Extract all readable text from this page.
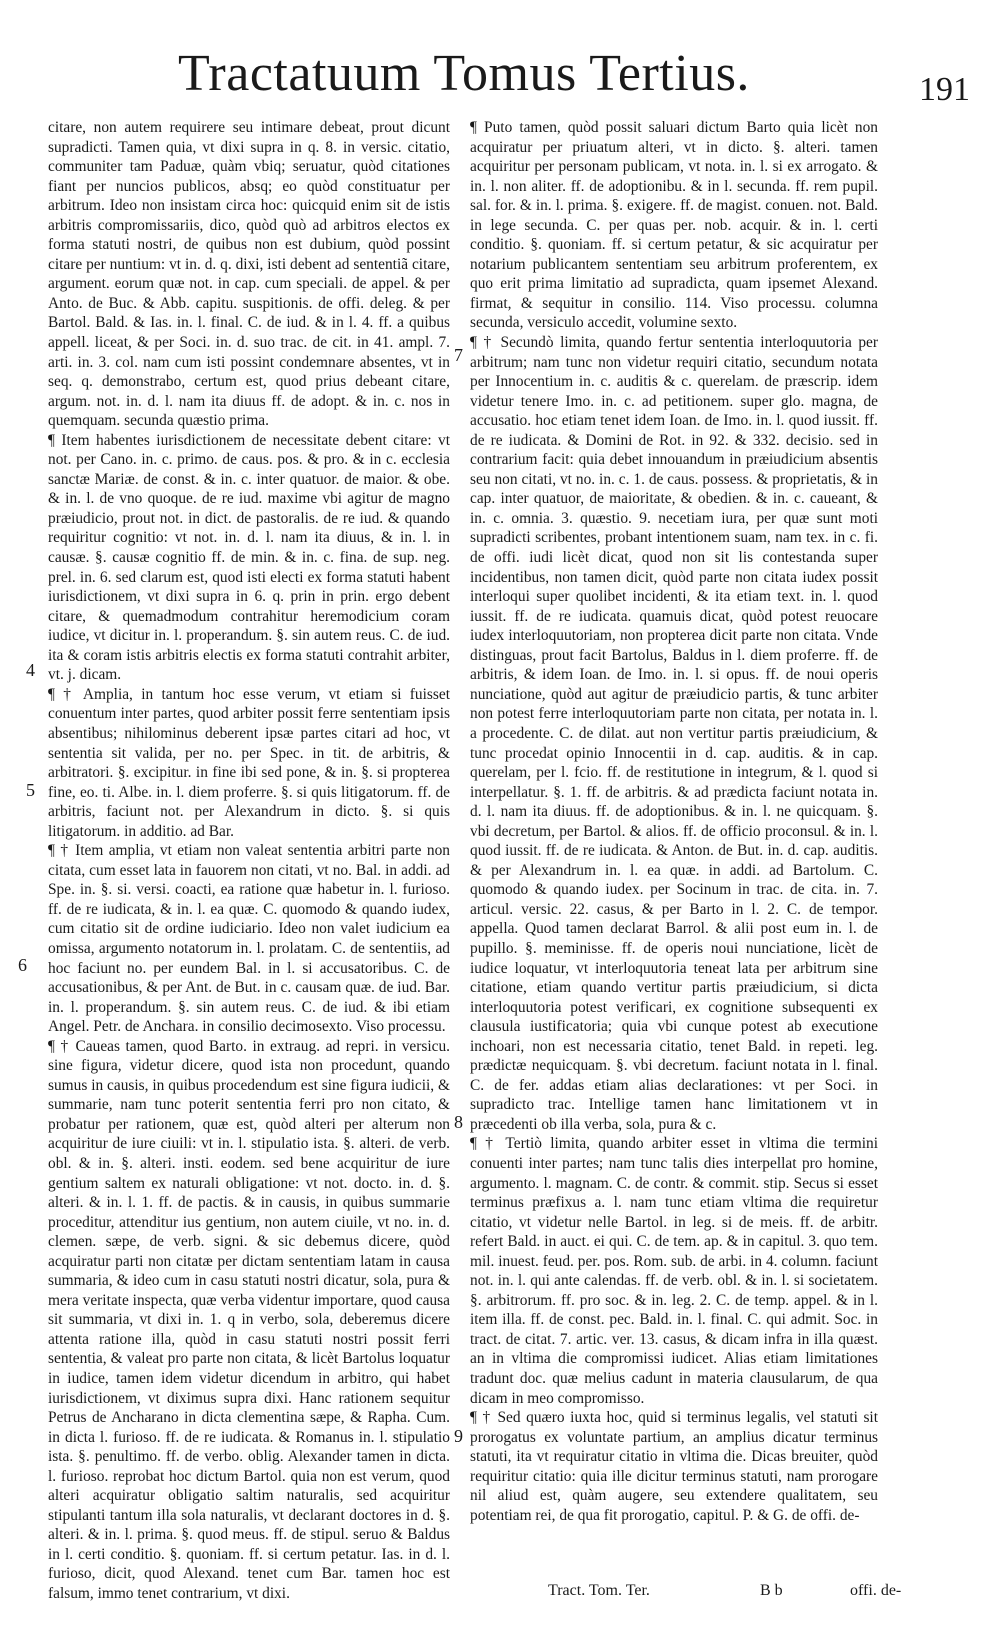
Tractatuum Tomus Tertius.	191

citare, non autem requirere seu intimare debeat, prout dicunt supradicti. Tamen quia, vt dixi supra in q. 8. in versic. citatio, communiter tam Paduæ, quàm vbiq; seruatur, quòd citationes fiant per nuncios publicos, absq; eo quòd constituatur per arbitrum. Ideo non insistam circa hoc: quicquid enim sit de istis arbitris compromissariis, dico, quòd quò ad arbitros electos ex forma statuti nostri, de quibus non est dubium, quòd possint citare per nuntium: vt in. d. q. dixi, isti debent ad sententiã citare, argument. eorum quæ not. in cap. cum speciali. de appel. & per Anto. de Buc. & Abb. capitu. suspitionis. de offi. deleg. & per Bartol. Bald. & Ias. in. l. final. C. de iud. & in l. 4. ff. a quibus appell. liceat, & per Soci. in. d. suo trac. de cit. in 41. ampl. 7. arti. in. 3. col. nam cum isti possint condemnare absentes, vt in seq. q. demonstrabo, certum est, quod prius debeant citare, argum. not. in. d. l. nam ita diuus ff. de adopt. & in. c. nos in quemquam. secunda quæstio prima.

¶ Item habentes iurisdictionem de necessitate debent citare: vt not. per Cano. in. c. primo. de caus. pos. & pro. & in c. ecclesia sanctæ Mariæ. de const. & in. c. inter quatuor. de maior. & obe. & in. l. de vno quoque. de re iud. maxime vbi agitur de magno præiudicio, prout not. in dict. de pastoralis. de re iud. & quando requiritur cognitio: vt not. in. d. l. nam ita diuus, & in. l. in causæ. §. causæ cognitio ff. de min. & in. c. fina. de sup. neg. prel. in. 6. sed clarum est, quod isti electi ex forma statuti habent iurisdictionem, vt dixi supra in 6. q. prin in prin. ergo debent citare, & quemadmodum contrahitur heremodicium coram iudice, vt dicitur in. l. properandum. §. sin autem reus. C. de iud. ita & coram istis arbitris electis ex forma statuti contrahit arbiter, vt. j. dicam.

¶ † Amplia, in tantum hoc esse verum, vt etiam si fuisset conuentum inter partes, quod arbiter possit ferre sententiam ipsis absentibus; nihilominus deberent ipsæ partes citari ad hoc, vt sententia sit valida, per no. per Spec. in tit. de arbitris, & arbitratori. §. excipitur. in fine ibi sed pone, & in. §. si propterea fine, eo. ti. Albe. in. l. diem proferre. §. si quis litigatorum. ff. de arbitris, faciunt not. per Alexandrum in dicto. §. si quis litigatorum. in additio. ad Bar.

¶ † Item amplia, vt etiam non valeat sententia arbitri parte non citata, cum esset lata in fauorem non citati, vt no. Bal. in addi. ad Spe. in. §. si. versi. coacti, ea ratione quæ habetur in. l. furioso. ff. de re iudicata, & in. l. ea quæ. C. quomodo & quando iudex, cum citatio sit de ordine iudiciario. Ideo non valet iudicium ea omissa, argumento notatorum in. l. prolatam. C. de sententiis, ad hoc faciunt no. per eundem Bal. in l. si accusatoribus. C. de accusationibus, & per Ant. de But. in c. causam quæ. de iud. Bar. in. l. properandum. §. sin autem reus. C. de iud. & ibi etiam Angel. Petr. de Anchara. in consilio decimosexto. Viso processu.

¶ † Caueas tamen, quod Barto. in extraug. ad repri. in versicu. sine figura, videtur dicere, quod ista non procedunt, quando sumus in causis, in quibus procedendum est sine figura iudicii, & summarie, nam tunc poterit sententia ferri pro non citato, & probatur per rationem, quæ est, quòd alteri per alterum non acquiritur de iure ciuili: vt in. l. stipulatio ista. §. alteri. de verb. obl. & in. §. alteri. insti. eodem. sed bene acquiritur de iure gentium saltem ex naturali obligatione: vt not. docto. in. d. §. alteri. & in. l. 1. ff. de pactis. & in causis, in quibus summarie proceditur, attenditur ius gentium, non autem ciuile, vt no. in. d. clemen. sæpe, de verb. signi. & sic debemus dicere, quòd acquiratur parti non citatæ per dictam sententiam latam in causa summaria, & ideo cum in casu statuti nostri dicatur, sola, pura & mera veritate inspecta, quæ verba videntur importare, quod causa sit summaria, vt dixi in. 1. q in verbo, sola, deberemus dicere attenta ratione illa, quòd in casu statuti nostri possit ferri sententia, & valeat pro parte non citata, & licèt Bartolus loquatur in iudice, tamen idem videtur dicendum in arbitro, qui habet iurisdictionem, vt diximus supra dixi. Hanc rationem sequitur Petrus de Ancharano in dicta clementina sæpe, & Rapha. Cum. in dicta l. furioso. ff. de re iudicata. & Romanus in. l. stipulatio ista. §. penultimo. ff. de verbo. oblig. Alexander tamen in dicta. l. furioso. reprobat hoc dictum Bartol. quia non est verum, quod alteri acquiratur obligatio saltim naturalis, sed acquiritur stipulanti tantum illa sola naturalis, vt declarant doctores in d. §. alteri. & in. l. prima. §. quod meus. ff. de stipul. seruo & Baldus in l. certi conditio. §. quoniam. ff. si certum petatur. Ias. in d. l. furioso, dicit, quod Alexand. tenet cum Bar. tamen hoc est falsum, immo tenet contrarium, vt dixi.

¶ Puto tamen, quòd possit saluari dictum Barto quia licèt non acquiratur per priuatum alteri, vt in dicto. §. alteri. tamen acquiritur per personam publicam, vt nota. in. l. si ex arrogato. & in. l. non aliter. ff. de adoptionibu. & in l. secunda. ff. rem pupil. sal. for. & in. l. prima. §. exigere. ff. de magist. conuen. not. Bald. in lege secunda. C. per quas per. nob. acquir. & in. l. certi conditio. §. quoniam. ff. si certum petatur, & sic acquiratur per notarium publicantem sententiam seu arbitrum proferentem, ex quo erit prima limitatio ad supradicta, quam ipsemet Alexand. firmat, & sequitur in consilio. 114. Viso processu. columna secunda, versiculo accedit, volumine sexto.

¶ † Secundò limita, quando fertur sententia interloquutoria per arbitrum; nam tunc non videtur requiri citatio, secundum notata per Innocentium in. c. auditis & c. querelam. de præscrip. idem videtur tenere Imo. in. c. ad petitionem. super glo. magna, de accusatio. hoc etiam tenet idem Ioan. de Imo. in. l. quod iussit. ff. de re iudicata. & Domini de Rot. in 92. & 332. decisio. sed in contrarium facit: quia debet innouandum in præiudicium absentis seu non citati, vt no. in. c. 1. de caus. possess. & proprietatis, & in cap. inter quatuor, de maioritate, & obedien. & in. c. caueant, & in. c. omnia. 3. quæstio. 9. necetiam iura, per quæ sunt moti supradicti scribentes, probant intentionem suam, nam tex. in c. fi. de offi. iudi licèt dicat, quod non sit lis contestanda super incidentibus, non tamen dicit, quòd parte non citata iudex possit interloqui super quolibet incidenti, & ita etiam text. in. l. quod iussit. ff. de re iudicata. quamuis dicat, quòd potest reuocare iudex interloquutoriam, non propterea dicit parte non citata. Vnde distinguas, prout facit Bartolus, Baldus in l. diem proferre. ff. de arbitris, & idem Ioan. de Imo. in. l. si opus. ff. de noui operis nunciatione, quòd aut agitur de præiudicio partis, & tunc arbiter non potest ferre interloquutoriam parte non citata, per notata in. l. a procedente. C. de dilat. aut non vertitur partis præiudicium, & tunc procedat opinio Innocentii in d. cap. auditis. & in cap. querelam, per l. fcio. ff. de restitutione in integrum, & l. quod si interpellatur. §. 1. ff. de arbitris. & ad prædicta faciunt notata in. d. l. nam ita diuus. ff. de adoptionibus. & in. l. ne quicquam. §. vbi decretum, per Bartol. & alios. ff. de officio proconsul. & in. l. quod iussit. ff. de re iudicata. & Anton. de But. in. d. cap. auditis. & per Alexandrum in. l. ea quæ. in addi. ad Bartolum. C. quomodo & quando iudex. per Socinum in trac. de cita. in. 7. articul. versic. 22. casus, & per Barto in l. 2. C. de tempor. appella. Quod tamen declarat Barrol. & alii post eum in. l. de pupillo. §. meminisse. ff. de operis noui nunciatione, licèt de iudice loquatur, vt interloquutoria teneat lata per arbitrum sine citatione, etiam quando vertitur partis præiudicium, si dicta interloquutoria potest verificari, ex cognitione subsequenti ex clausula iustificatoria; quia vbi cunque potest ab executione inchoari, non est necessaria citatio, tenet Bald. in repeti. leg. prædictæ nequicquam. §. vbi decretum. faciunt notata in l. final. C. de fer. addas etiam alias declarationes: vt per Soci. in supradicto trac. Intellige tamen hanc limitationem vt in præcedenti ob illa verba, sola, pura & c.

¶ † Tertiò limita, quando arbiter esset in vltima die termini conuenti inter partes; nam tunc talis dies interpellat pro homine, argumento. l. magnam. C. de contr. & commit. stip. Secus si esset terminus præfixus a. l. nam tunc etiam vltima die requiretur citatio, vt videtur nelle Bartol. in leg. si de meis. ff. de arbitr. refert Bald. in auct. ei qui. C. de tem. ap. & in capitul. 3. quo tem. mil. inuest. feud. per. pos. Rom. sub. de arbi. in 4. column. faciunt not. in. l. qui ante calendas. ff. de verb. obl. & in. l. si societatem. §. arbitrorum. ff. pro soc. & in. leg. 2. C. de temp. appel. & in l. item illa. ff. de const. pec. Bald. in. l. final. C. qui admit. Soc. in tract. de citat. 7. artic. ver. 13. casus, & dicam infra in illa quæst. an in vltima die compromissi iudicet. Alias etiam limitationes tradunt doc. quæ melius cadunt in materia clausularum, de qua dicam in meo compromisso.

¶ † Sed quæro iuxta hoc, quid si terminus legalis, vel statuti sit prorogatus ex voluntate partium, an amplius dicatur terminus statuti, ita vt requiratur citatio in vltima die. Dicas breuiter, quòd requiritur citatio: quia ille dicitur terminus statuti, nam prorogare nil aliud est, quàm augere, seu extendere qualitatem, seu potentiam rei, de qua fit prorogatio, capitul. P. & G. de offi. de-

7
4
5
6
8
9
Tract. Tom. Ter.	B b	offi. de-
